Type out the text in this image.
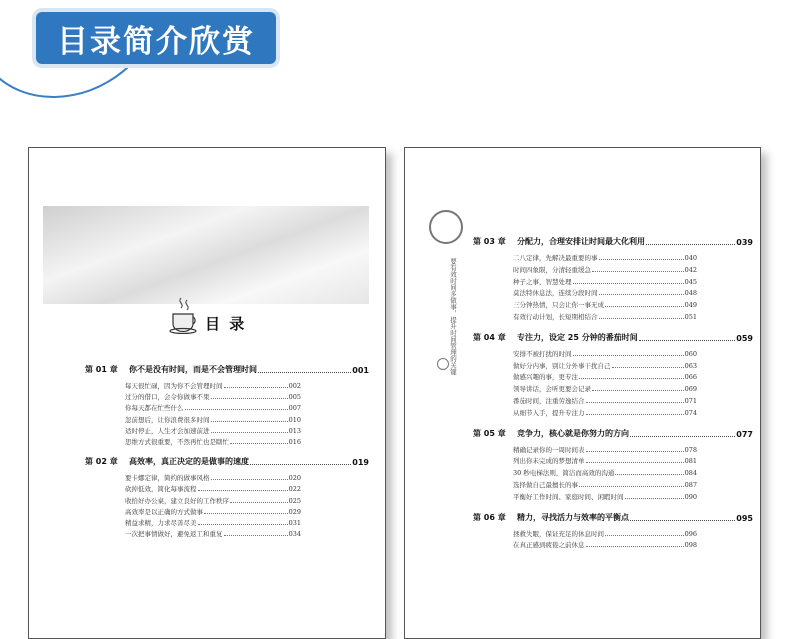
目录简介欣赏
目 录
第 01 章	你不是没有时间，而是不会管理时间	001
每天很忙碌，因为你不会管理时间	002
过分的借口，会令你做事不果	005
你每天都在忙些什么	007
忽前想后，让你浪费很多时间	010
适时停止，人生才会加速前进	013
思维方式很重要，不然再忙也是瞎忙	016
第 02 章	高效率，真正决定的是做事的速度	019
要卡娜定律，简约的做事风格	020
砍掉低效，简化每事流程	022
收拾好办公桌，建立良好的工作秩序	025
高效率是以正确的方式做事	029
精益求精，力求尽善尽美	031
一次把事情做好，避免返工和重复	034
要有效时间多做事，提升时间管理的关键
第 03 章	分配力，合理安排让时间最大化利用	039
二八定律，先解决最重要的事	040
时间四象限，分清轻重缓急	042
种子之事，智慧处理	045
莫法特休息法，连续分段时间	048
三分钟热情，只会让你一事无成	049
有效行动计划，长短期相结合	051
第 04 章	专注力，设定 25 分钟的番茄时间	059
安排不被打扰的时间	060
做好分内事，别让分外事干扰自己	063
做感兴趣的事，更专注	066
领导讲话，会听更要会记录	069
番茄时间，注重劳逸结合	071
从细节入手，提升专注力	074
第 05 章	竞争力，核心就是你努力的方向	077
精确记录你的一周时间表	078
列出你未完成的梦想清单	081
30 秒电梯法则，简洁而高效的沟通	084
选择做自己最擅长的事	087
平衡好工作时间、家庭时间、闲暇时间	090
第 06 章	精力，寻找活力与效率的平衡点	095
拯救失眠，保证充足的休息时间	096
在真正感到疲倦之前休息	098
